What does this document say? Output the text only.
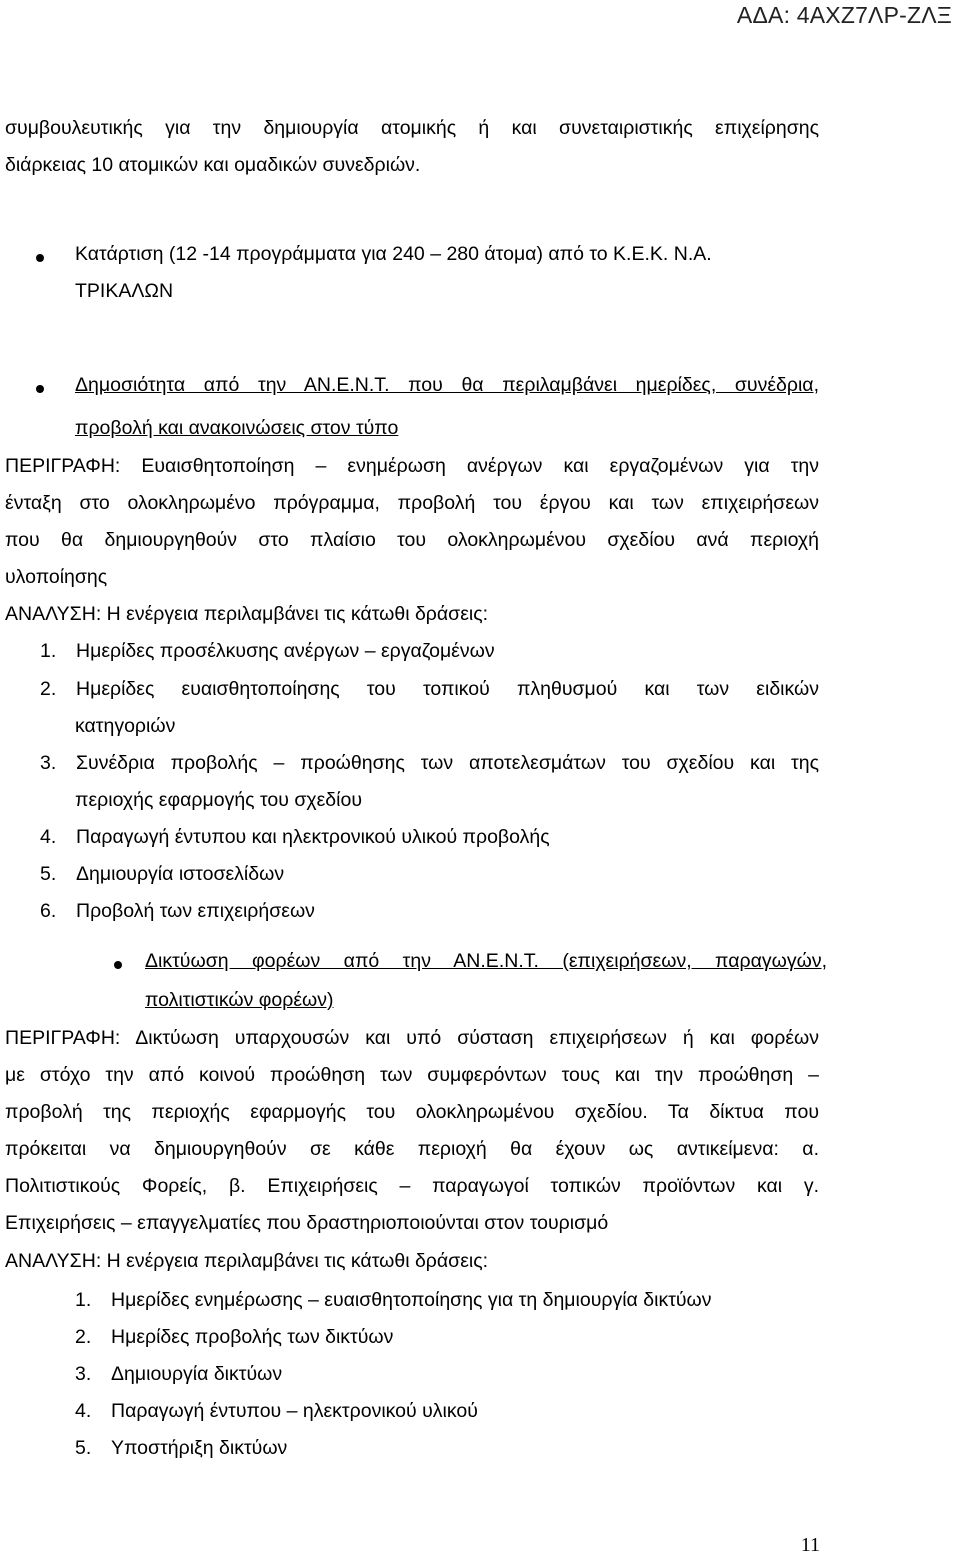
ΑΔΑ: 4ΑΧΖ7ΛΡ-ΖΛΞ
συμβουλευτικής για την δημιουργία ατομικής ή και συνεταιριστικής επιχείρησης
διάρκειας 10 ατομικών και ομαδικών συνεδριών.
Κατάρτιση (12 -14 προγράμματα για 240 – 280 άτομα) από το Κ.Ε.Κ. Ν.Α.
ΤΡΙΚΑΛΩΝ
Δημοσιότητα από την ΑΝ.Ε.Ν.Τ. που θα περιλαμβάνει ημερίδες, συνέδρια,
προβολή και ανακοινώσεις στον τύπο
ΠΕΡΙΓΡΑΦΗ: Ευαισθητοποίηση – ενημέρωση ανέργων και εργαζομένων για την
ένταξη στο ολοκληρωμένο πρόγραμμα, προβολή του έργου και των επιχειρήσεων
που θα δημιουργηθούν στο πλαίσιο του ολοκληρωμένου σχεδίου ανά περιοχή
υλοποίησης
ΑΝΑΛΥΣΗ: Η ενέργεια περιλαμβάνει τις κάτωθι δράσεις:
1. Ημερίδες προσέλκυσης ανέργων – εργαζομένων
2. Ημερίδες ευαισθητοποίησης του τοπικού πληθυσμού και των ειδικών
κατηγοριών
3. Συνέδρια προβολής – προώθησης των αποτελεσμάτων του σχεδίου και της
περιοχής εφαρμογής του σχεδίου
4. Παραγωγή έντυπου και ηλεκτρονικού υλικού προβολής
5. Δημιουργία ιστοσελίδων
6. Προβολή των επιχειρήσεων
Δικτύωση φορέων από την ΑΝ.Ε.Ν.Τ. (επιχειρήσεων, παραγωγών,
πολιτιστικών φορέων)
ΠΕΡΙΓΡΑΦΗ: Δικτύωση υπαρχουσών και υπό σύσταση επιχειρήσεων ή και φορέων
με στόχο την από κοινού προώθηση των συμφερόντων τους και την προώθηση –
προβολή της περιοχής εφαρμογής του ολοκληρωμένου σχεδίου. Τα δίκτυα που
πρόκειται να δημιουργηθούν σε κάθε περιοχή θα έχουν ως αντικείμενα: α.
Πολιτιστικούς Φορείς, β. Επιχειρήσεις – παραγωγοί τοπικών προϊόντων και γ.
Επιχειρήσεις – επαγγελματίες που δραστηριοποιούνται στον τουρισμό
ΑΝΑΛΥΣΗ: Η ενέργεια περιλαμβάνει τις κάτωθι δράσεις:
1. Ημερίδες ενημέρωσης – ευαισθητοποίησης για τη δημιουργία δικτύων
2. Ημερίδες προβολής των δικτύων
3. Δημιουργία δικτύων
4. Παραγωγή έντυπου – ηλεκτρονικού υλικού
5. Υποστήριξη δικτύων
11
